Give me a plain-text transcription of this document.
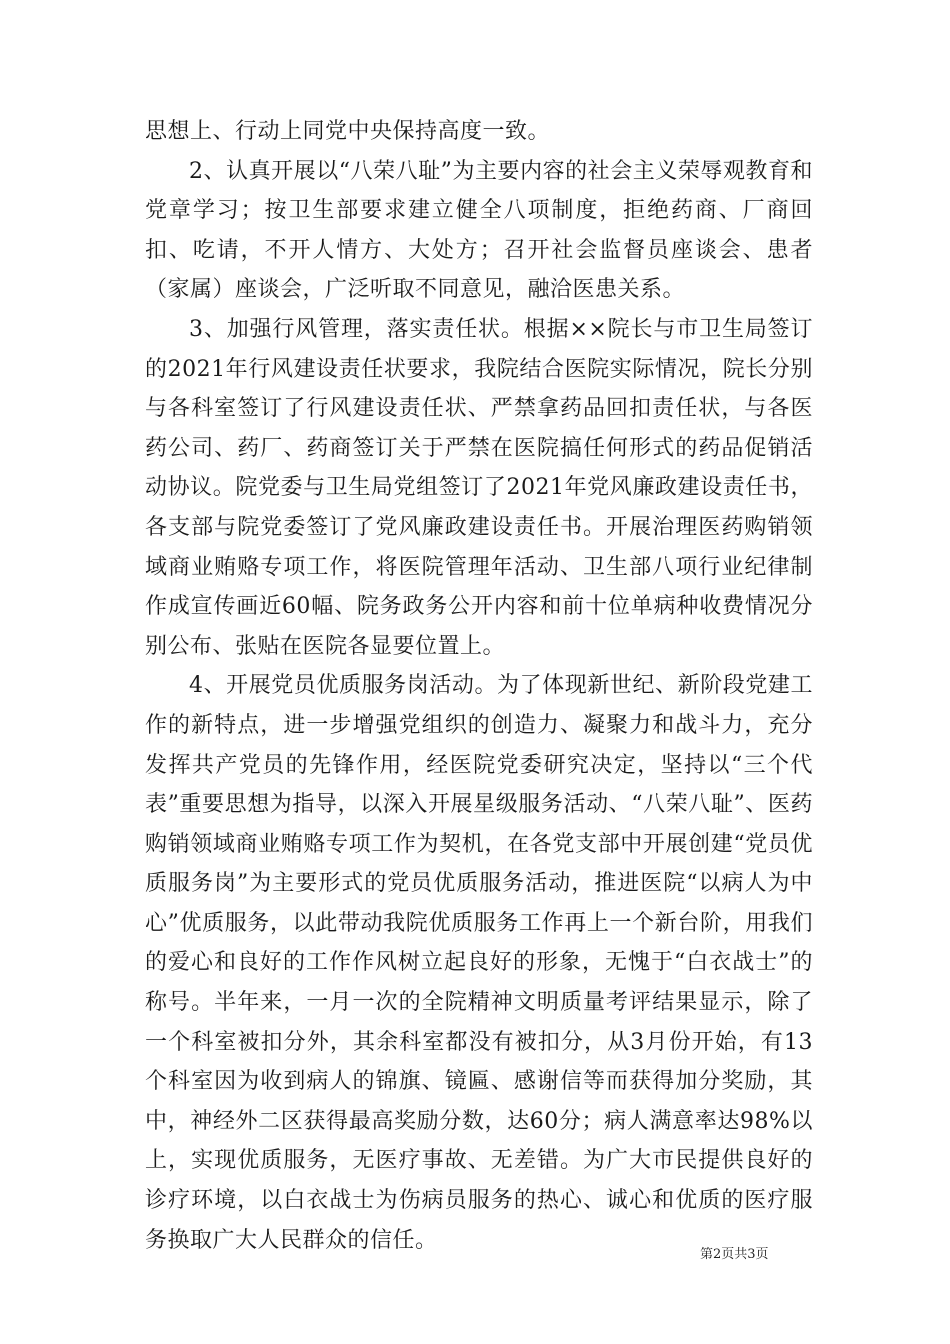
思想上、行动上同党中央保持高度一致。

2、认真开展以“八荣八耻”为主要内容的社会主义荣辱观教育和党章学习；按卫生部要求建立健全八项制度，拒绝药商、厂商回扣、吃请，不开人情方、大处方；召开社会监督员座谈会、患者（家属）座谈会，广泛听取不同意见，融洽医患关系。

3、加强行风管理，落实责任状。根据××院长与市卫生局签订的2021年行风建设责任状要求，我院结合医院实际情况，院长分别与各科室签订了行风建设责任状、严禁拿药品回扣责任状，与各医药公司、药厂、药商签订关于严禁在医院搞任何形式的药品促销活动协议。院党委与卫生局党组签订了2021年党风廉政建设责任书，各支部与院党委签订了党风廉政建设责任书。开展治理医药购销领域商业贿赂专项工作，将医院管理年活动、卫生部八项行业纪律制作成宣传画近60幅、院务政务公开内容和前十位单病种收费情况分别公布、张贴在医院各显要位置上。

4、开展党员优质服务岗活动。为了体现新世纪、新阶段党建工作的新特点，进一步增强党组织的创造力、凝聚力和战斗力，充分发挥共产党员的先锋作用，经医院党委研究决定，坚持以“三个代表”重要思想为指导，以深入开展星级服务活动、“八荣八耻”、医药购销领域商业贿赂专项工作为契机，在各党支部中开展创建“党员优质服务岗”为主要形式的党员优质服务活动，推进医院“以病人为中心”优质服务，以此带动我院优质服务工作再上一个新台阶，用我们的爱心和良好的工作作风树立起良好的形象，无愧于“白衣战士”的称号。半年来，一月一次的全院精神文明质量考评结果显示，除了一个科室被扣分外，其余科室都没有被扣分，从3月份开始，有13个科室因为收到病人的锦旗、镜匾、感谢信等而获得加分奖励，其中，神经外二区获得最高奖励分数，达60分；病人满意率达98%以上，实现优质服务，无医疗事故、无差错。为广大市民提供良好的诊疗环境，以白衣战士为伤病员服务的热心、诚心和优质的医疗服务换取广大人民群众的信任。

第2页共3页
